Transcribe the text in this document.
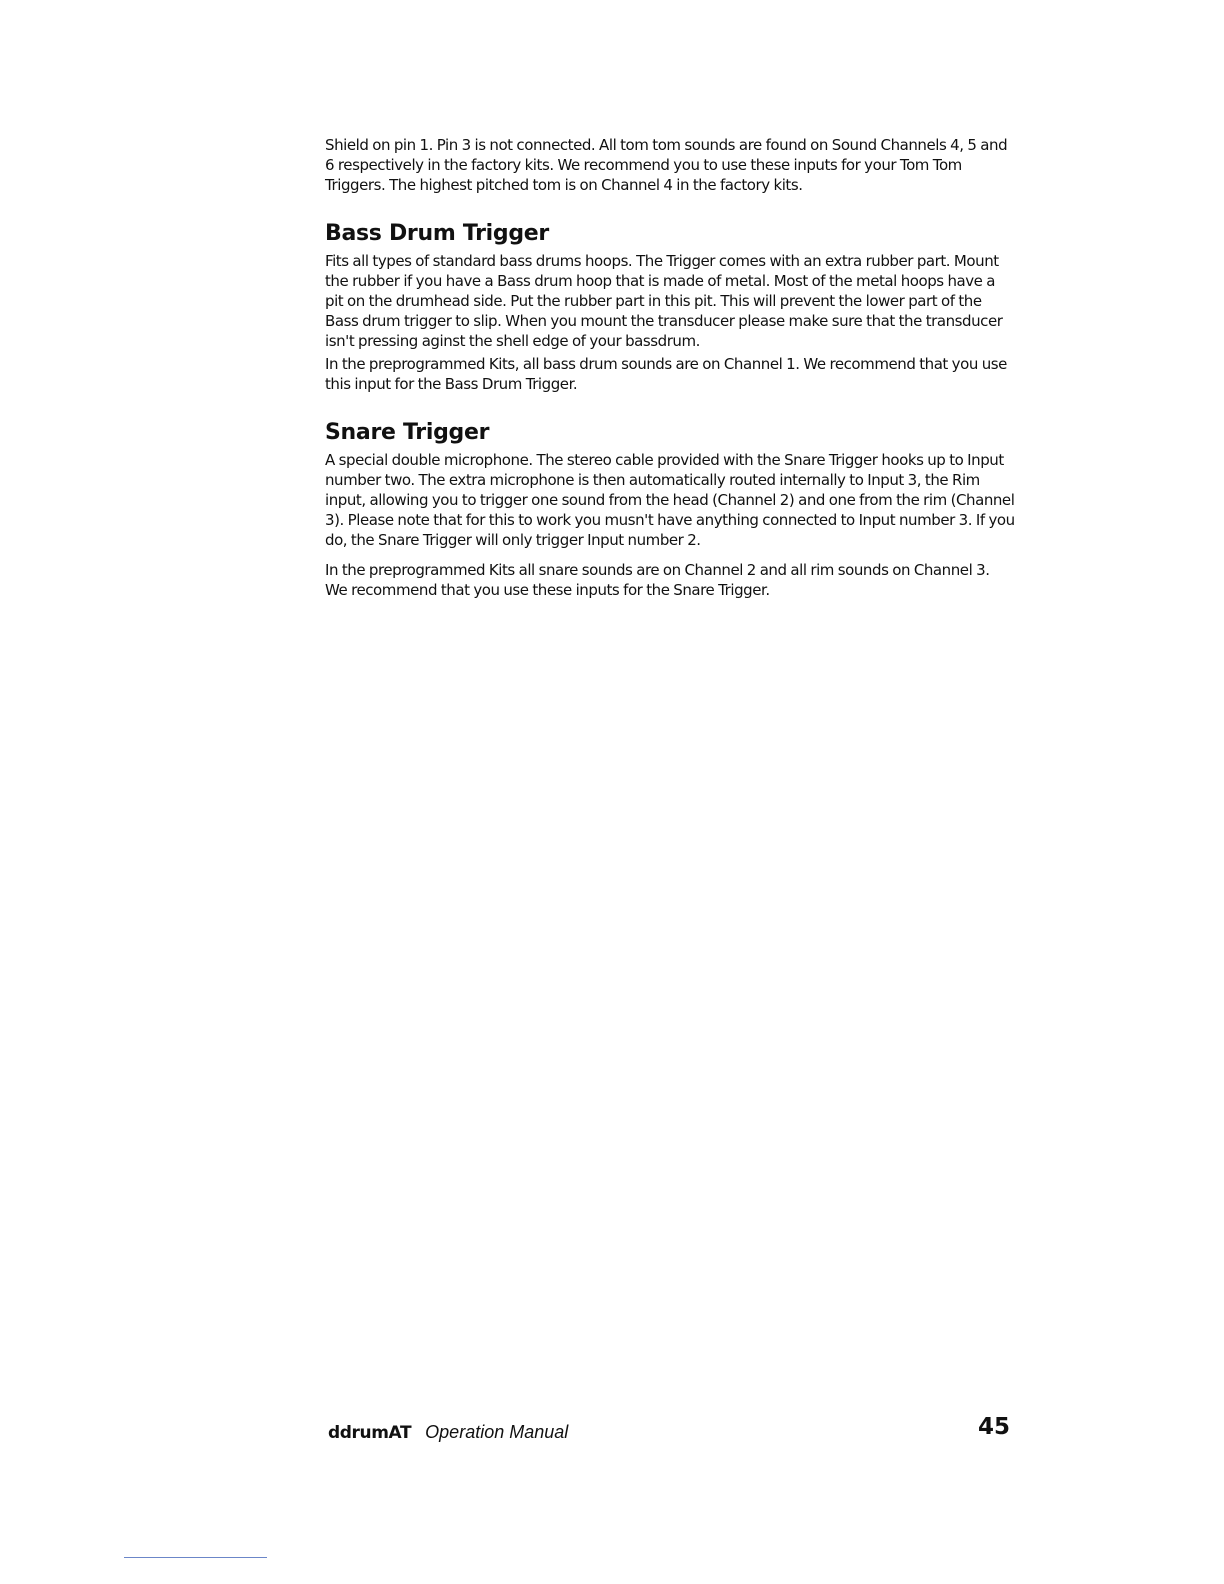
Shield on pin 1. Pin 3 is not connected. All tom tom sounds are found on Sound Channels 4, 5 and 6 respectively in the factory kits. We recommend you to use these inputs for your Tom Tom Triggers. The highest pitched tom is on Channel 4 in the factory kits.

Bass Drum Trigger

Fits all types of standard bass drums hoops. The Trigger comes with an extra rubber part. Mount the rubber if you have a Bass drum hoop that is made of metal. Most of the metal hoops have a pit on the drumhead side. Put the rubber part in this pit. This will prevent the lower part of the Bass drum trigger to slip. When you mount the transducer please make sure that the transducer isn't pressing aginst the shell edge of your bassdrum.

In the preprogrammed Kits, all bass drum sounds are on Channel 1. We recommend that you use this input for the Bass Drum Trigger.

Snare Trigger

A special double microphone. The stereo cable provided with the Snare Trigger hooks up to Input number two. The extra microphone is then automatically routed internally to Input 3, the Rim input, allowing you to trigger one sound from the head (Channel 2) and one from the rim (Channel 3). Please note that for this to work you musn't have anything connected to Input number 3. If you do, the Snare Trigger will only trigger Input number 2.

In the preprogrammed Kits all snare sounds are on Channel 2 and all rim sounds on Channel 3. We recommend that you use these inputs for the Snare Trigger.

ddrumAT Operation Manual	45
